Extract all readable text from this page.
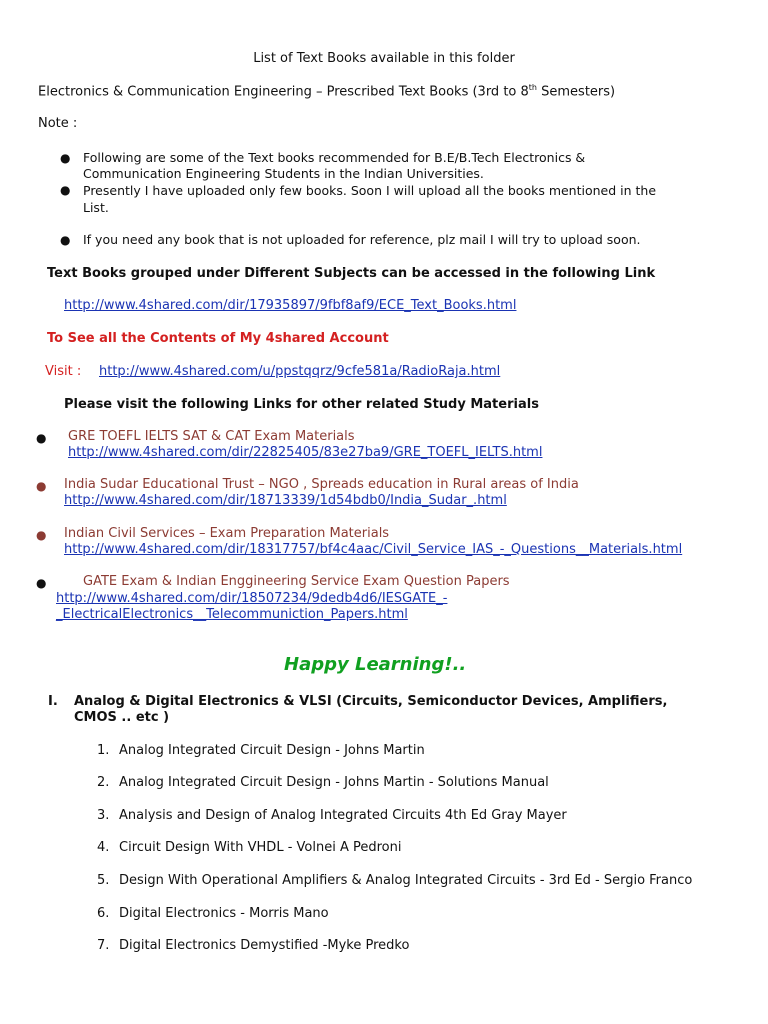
List of Text Books available in this folder
Electronics & Communication Engineering – Prescribed Text Books (3rd to 8th Semesters)
Note :
● Following are some of the Text books recommended for B.E/B.Tech Electronics &
Communication Engineering Students in the Indian Universities.
● Presently I have uploaded only few books. Soon I will upload all the books mentioned in the
List.
● If you need any book that is not uploaded for reference, plz mail I will try to upload soon.
Text Books grouped under Different Subjects can be accessed in the following Link
http://www.4shared.com/dir/17935897/9fbf8af9/ECE_Text_Books.html
To See all the Contents of My 4shared Account
Visit : http://www.4shared.com/u/ppstqqrz/9cfe581a/RadioRaja.html
Please visit the following Links for other related Study Materials
● GRE TOEFL IELTS SAT & CAT Exam Materials
http://www.4shared.com/dir/22825405/83e27ba9/GRE_TOEFL_IELTS.html
● India Sudar Educational Trust – NGO , Spreads education in Rural areas of India
http://www.4shared.com/dir/18713339/1d54bdb0/India_Sudar_.html
● Indian Civil Services – Exam Preparation Materials
http://www.4shared.com/dir/18317757/bf4c4aac/Civil_Service_IAS_-_Questions__Materials.html
●	GATE Exam & Indian Enggineering Service Exam Question Papers
http://www.4shared.com/dir/18507234/9dedb4d6/IESGATE_-
_ElectricalElectronics__Telecommuniction_Papers.html
Happy Learning!..
I. Analog & Digital Electronics & VLSI (Circuits, Semiconductor Devices, Amplifiers,
CMOS .. etc )
1. Analog Integrated Circuit Design - Johns Martin
2. Analog Integrated Circuit Design - Johns Martin - Solutions Manual
3. Analysis and Design of Analog Integrated Circuits 4th Ed Gray Mayer
4. Circuit Design With VHDL - Volnei A Pedroni
5. Design With Operational Amplifiers & Analog Integrated Circuits - 3rd Ed - Sergio Franco
6. Digital Electronics - Morris Mano
7. Digital Electronics Demystified -Myke Predko
